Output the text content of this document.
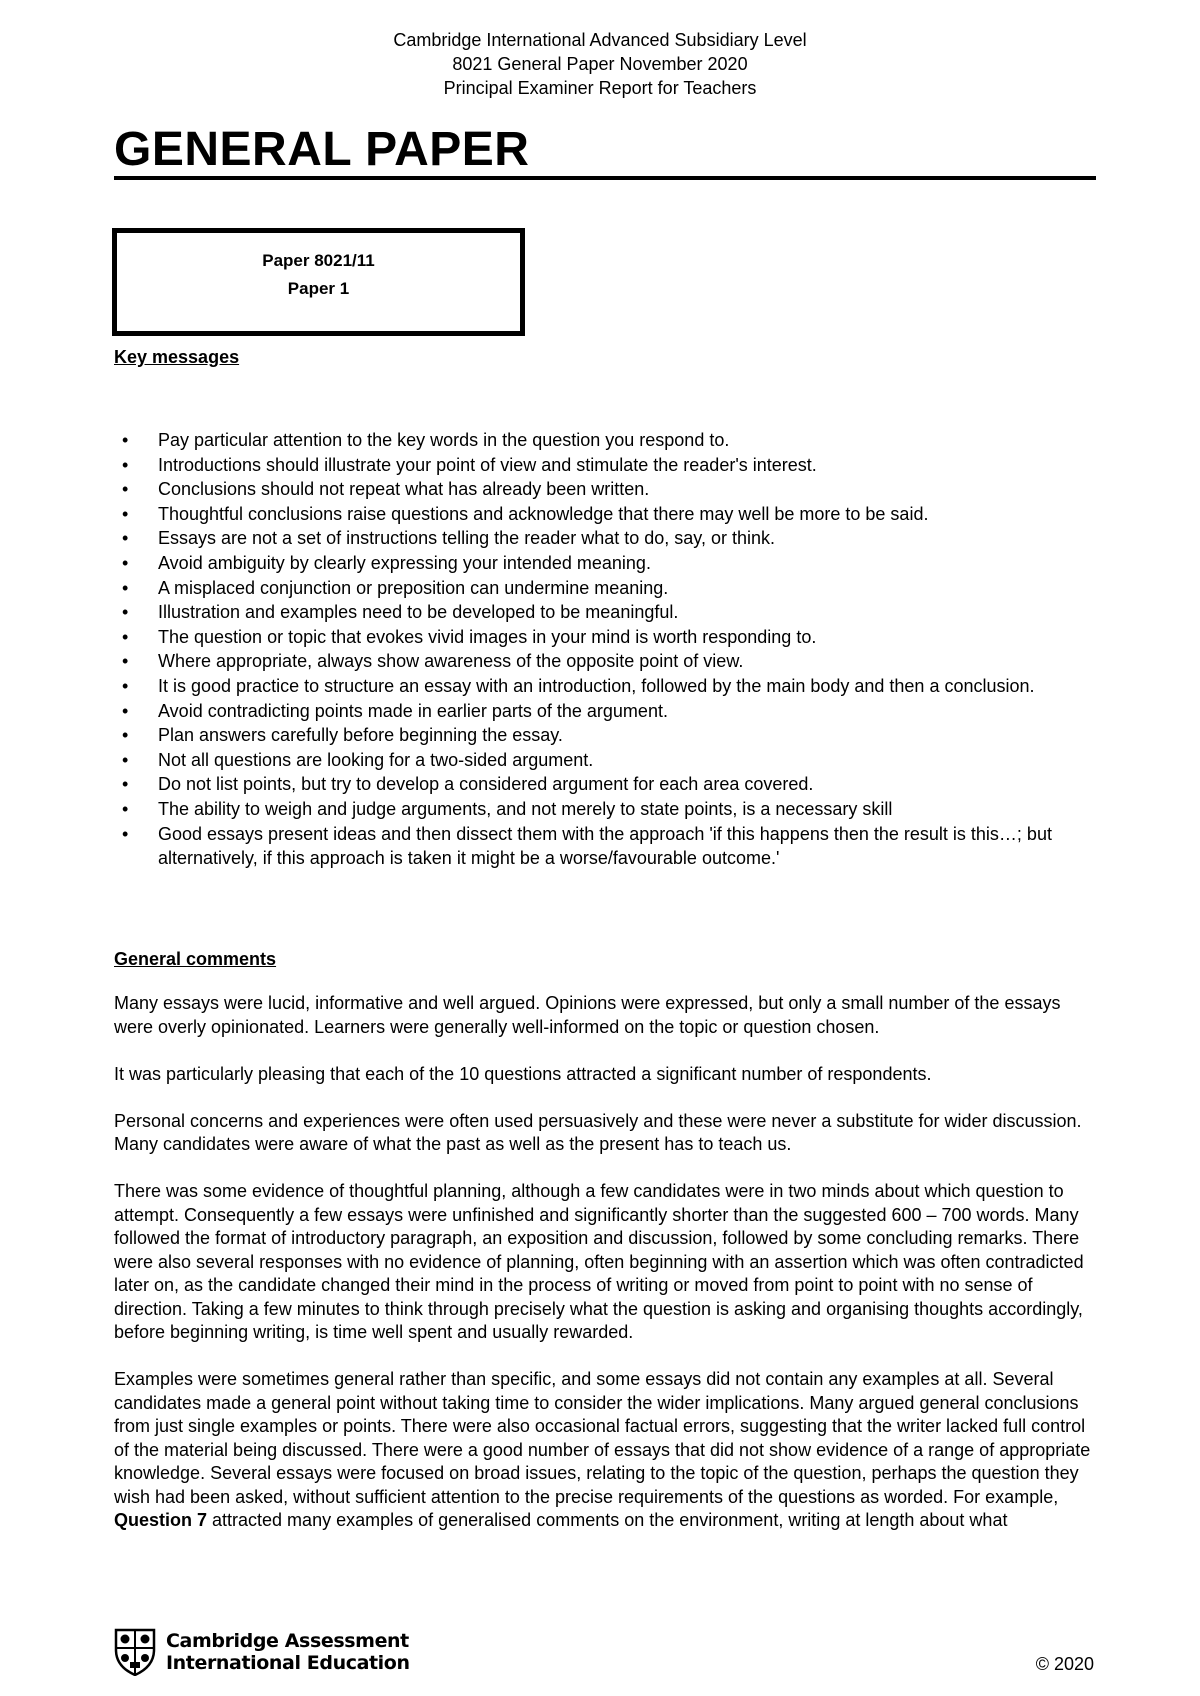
Cambridge International Advanced Subsidiary Level
8021 General Paper November 2020
Principal Examiner Report for Teachers
GENERAL PAPER
Paper 8021/11
Paper 1
Key messages
• Pay particular attention to the key words in the question you respond to.
• Introductions should illustrate your point of view and stimulate the reader's interest.
• Conclusions should not repeat what has already been written.
• Thoughtful conclusions raise questions and acknowledge that there may well be more to be said.
• Essays are not a set of instructions telling the reader what to do, say, or think.
• Avoid ambiguity by clearly expressing your intended meaning.
• A misplaced conjunction or preposition can undermine meaning.
• Illustration and examples need to be developed to be meaningful.
• The question or topic that evokes vivid images in your mind is worth responding to.
• Where appropriate, always show awareness of the opposite point of view.
• It is good practice to structure an essay with an introduction, followed by the main body and then a conclusion.
• Avoid contradicting points made in earlier parts of the argument.
• Plan answers carefully before beginning the essay.
• Not all questions are looking for a two-sided argument.
• Do not list points, but try to develop a considered argument for each area covered.
• The ability to weigh and judge arguments, and not merely to state points, is a necessary skill
• Good essays present ideas and then dissect them with the approach 'if this happens then the result is this…; but alternatively, if this approach is taken it might be a worse/favourable outcome.'
General comments

Many essays were lucid, informative and well argued. Opinions were expressed, but only a small number of the essays were overly opinionated. Learners were generally well-informed on the topic or question chosen.

It was particularly pleasing that each of the 10 questions attracted a significant number of respondents.

Personal concerns and experiences were often used persuasively and these were never a substitute for wider discussion. Many candidates were aware of what the past as well as the present has to teach us.

There was some evidence of thoughtful planning, although a few candidates were in two minds about which question to attempt. Consequently a few essays were unfinished and significantly shorter than the suggested 600 – 700 words. Many followed the format of introductory paragraph, an exposition and discussion, followed by some concluding remarks. There were also several responses with no evidence of planning, often beginning with an assertion which was often contradicted later on, as the candidate changed their mind in the process of writing or moved from point to point with no sense of direction. Taking a few minutes to think through precisely what the question is asking and organising thoughts accordingly, before beginning writing, is time well spent and usually rewarded.

Examples were sometimes general rather than specific, and some essays did not contain any examples at all. Several candidates made a general point without taking time to consider the wider implications. Many argued general conclusions from just single examples or points. There were also occasional factual errors, suggesting that the writer lacked full control of the material being discussed. There were a good number of essays that did not show evidence of a range of appropriate knowledge. Several essays were focused on broad issues, relating to the topic of the question, perhaps the question they wish had been asked, without sufficient attention to the precise requirements of the questions as worded. For example, Question 7 attracted many examples of generalised comments on the environment, writing at length about what

Cambridge Assessment
International Education	© 2020
